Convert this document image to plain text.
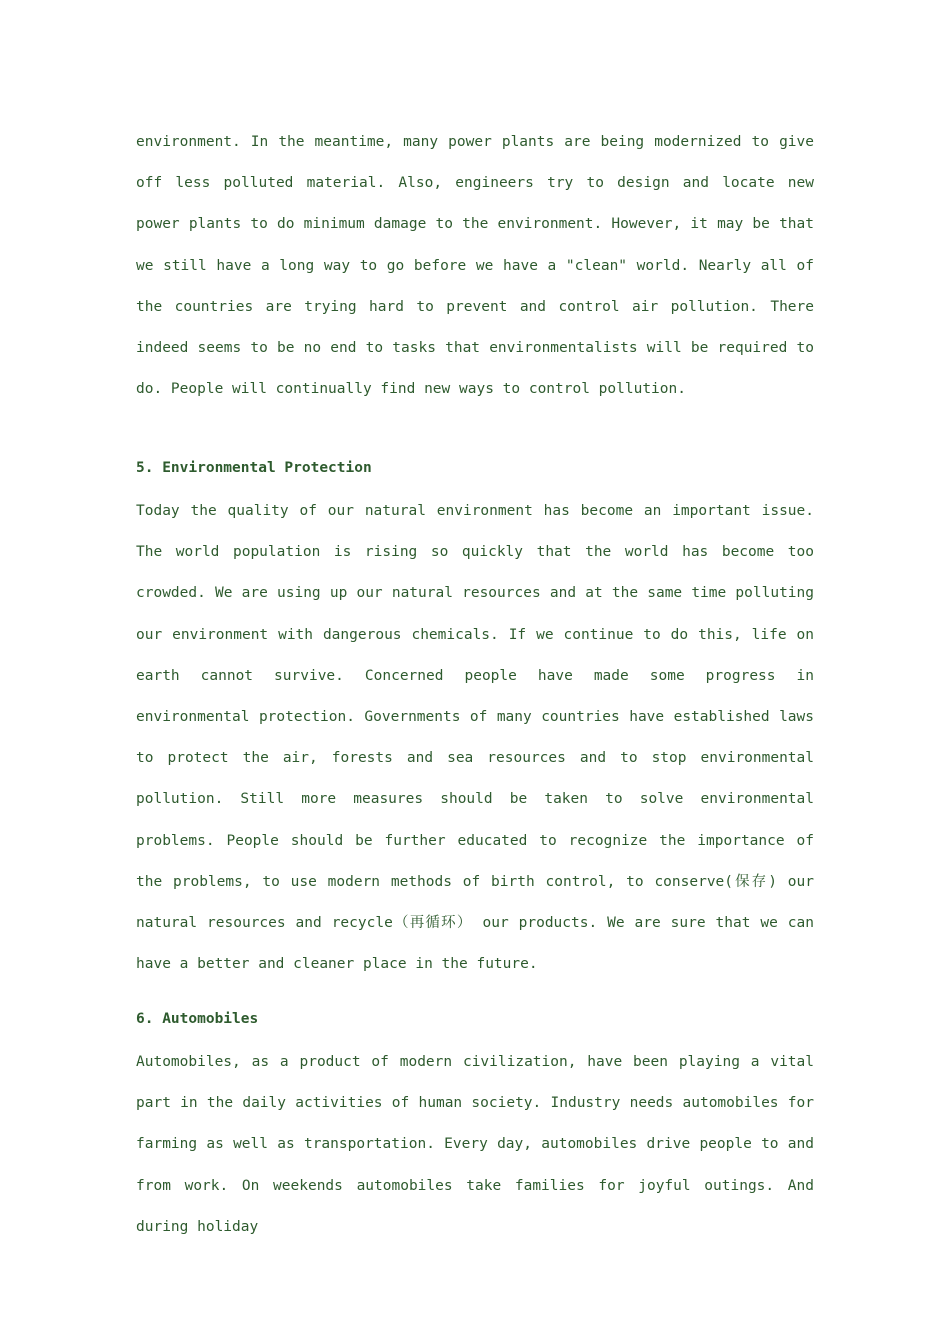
environment. In the meantime, many power plants are being modernized to give off less polluted material. Also, engineers try to design and locate new power plants to do minimum damage to the environment. However, it may be that we still have a long way to go before we have a "clean" world. Nearly all of the countries are trying hard to prevent and control air pollution. There indeed seems to be no end to tasks that environmentalists will be required to do. People will continually find new ways to control pollution.

5. Environmental Protection

Today the quality of our natural environment has become an important issue. The world population is rising so quickly that the world has become too crowded. We are using up our natural resources and at the same time polluting our environment with dangerous chemicals. If we continue to do this, life on earth cannot survive. Concerned people have made some progress in environmental protection. Governments of many countries have established laws to protect the air, forests and sea resources and to stop environmental pollution. Still more measures should be taken to solve environmental problems. People should be further educated to recognize the importance of the problems, to use modern methods of birth control, to conserve(保存) our natural resources and recycle（再循环） our products. We are sure that we can have a better and cleaner place in the future.

6. Automobiles

Automobiles, as a product of modern civilization, have been playing a vital part in the daily activities of human society. Industry needs automobiles for farming as well as transportation. Every day, automobiles drive people to and from work. On weekends automobiles take families for joyful outings. And during holiday
